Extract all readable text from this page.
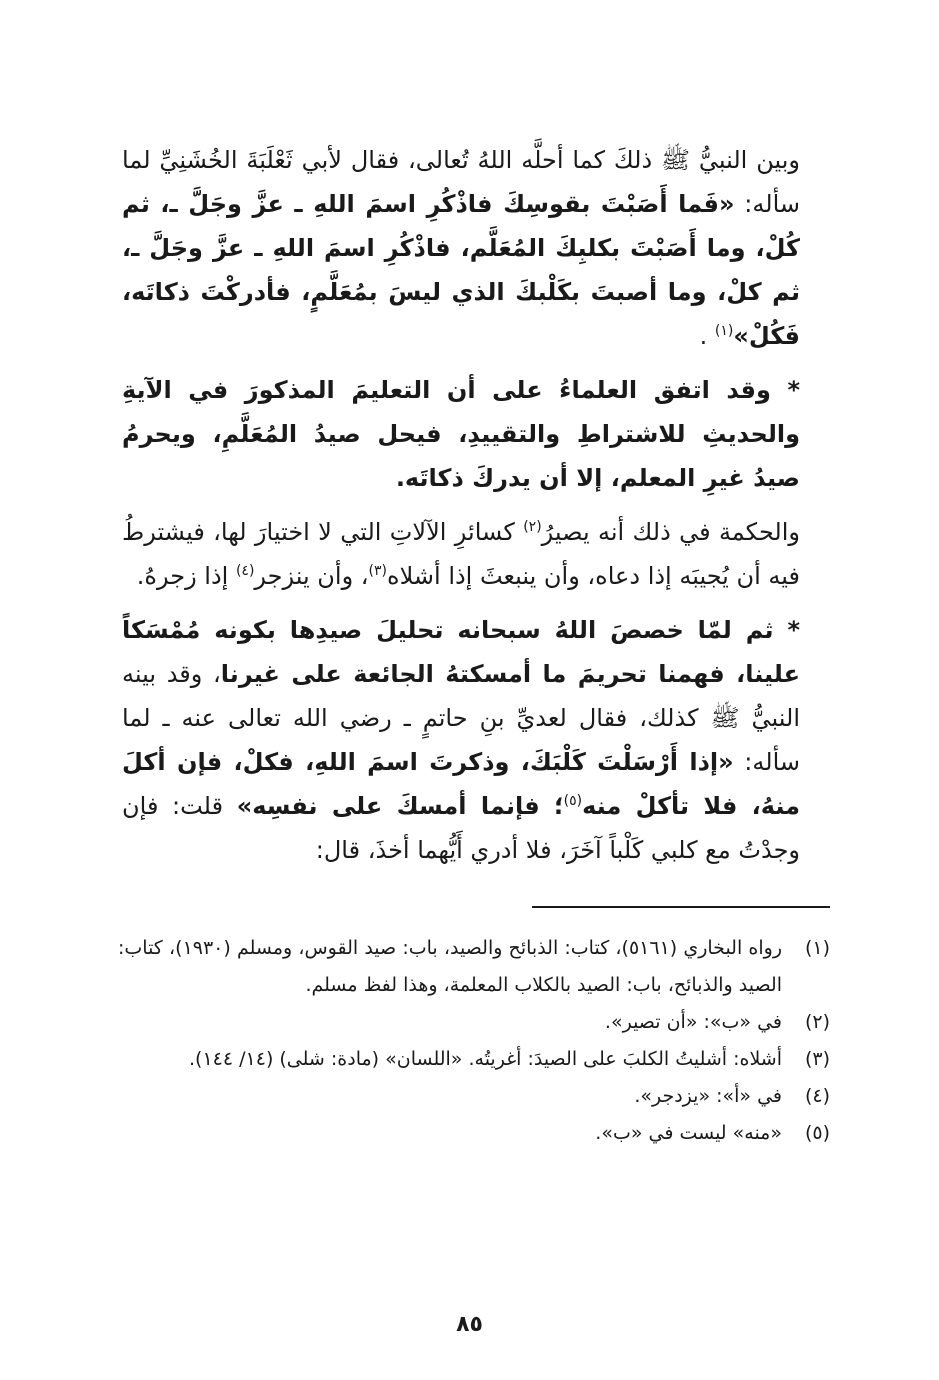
وبين النبيُّ ﷺ ذلكَ كما أحلَّه اللهُ تُعالى، فقال لأبي ثَعْلَبَةَ الخُشَنِيِّ لما سأله: «فَما أَصَبْتَ بقوسِكَ فاذْكُرِ اسمَ اللهِ ـ عزَّ وجَلَّ ـ، ثم كُلْ، وما أَصَبْتَ بكلبِكَ المُعَلَّم، فاذْكُرِ اسمَ اللهِ ـ عزَّ وجَلَّ ـ، ثم كلْ، وما أصبتَ بكَلْبكَ الذي ليسَ بمُعَلَّمٍ، فأدركْتَ ذكاتَه، فَكُلْ»$^{(١)}$ .

* وقد اتفق العلماءُ على أن التعليمَ المذكورَ في الآيةِ والحديثِ للاشتراطِ والتقييدِ، فيحل صيدُ المُعَلَّمِ، ويحرمُ صيدُ غيرِ المعلم، إلا أن يدركَ ذكاتَه.

والحكمة في ذلك أنه يصيرُ$^{(٢)}$ كسائرِ الآلاتِ التي لا اختيارَ لها، فيشترطُ فيه أن يُجيبَه إذا دعاه، وأن ينبعثَ إذا أشلاه$^{(٣)}$، وأن ينزجر$^{(٤)}$ إذا زجرهُ.

* ثم لمّا خصصَ اللهُ سبحانه تحليلَ صيدِها بكونه مُمْسَكاً علينا، فهمنا تحريمَ ما أمسكتهُ الجائعة على غيرنا، وقد بينه النبيُّ ﷺ كذلك، فقال لعديِّ بنِ حاتمٍ ـ رضي الله تعالى عنه ـ لما سأله: «إذا أَرْسَلْتَ كَلْبَكَ، وذكرتَ اسمَ اللهِ، فكلْ، فإن أكلَ منهُ، فلا تأكلْ منه$^{(٥)}$؛ فإنما أمسكَ على نفسِه» قلت: فإن وجدْتُ مع كلبي كَلْباً آخَرَ، فلا أدري أَيُّهما أخذَ، قال:

(١)
رواه البخاري (٥١٦١)، كتاب: الذبائح والصيد، باب: صيد القوس، ومسلم (١٩٣٠)، كتاب: الصيد والذبائح، باب: الصيد بالكلاب المعلمة، وهذا لفظ مسلم.
(٢)
في «ب»: «أن تصير».
(٣)
أشلاه: أشليتُ الكلبَ على الصيدَ: أغريتُه. «اللسان» (مادة: شلى) (١٤/ ١٤٤).
(٤)
في «أ»: «يزدجر».
(٥)
«منه» ليست في «ب».
٨٥
